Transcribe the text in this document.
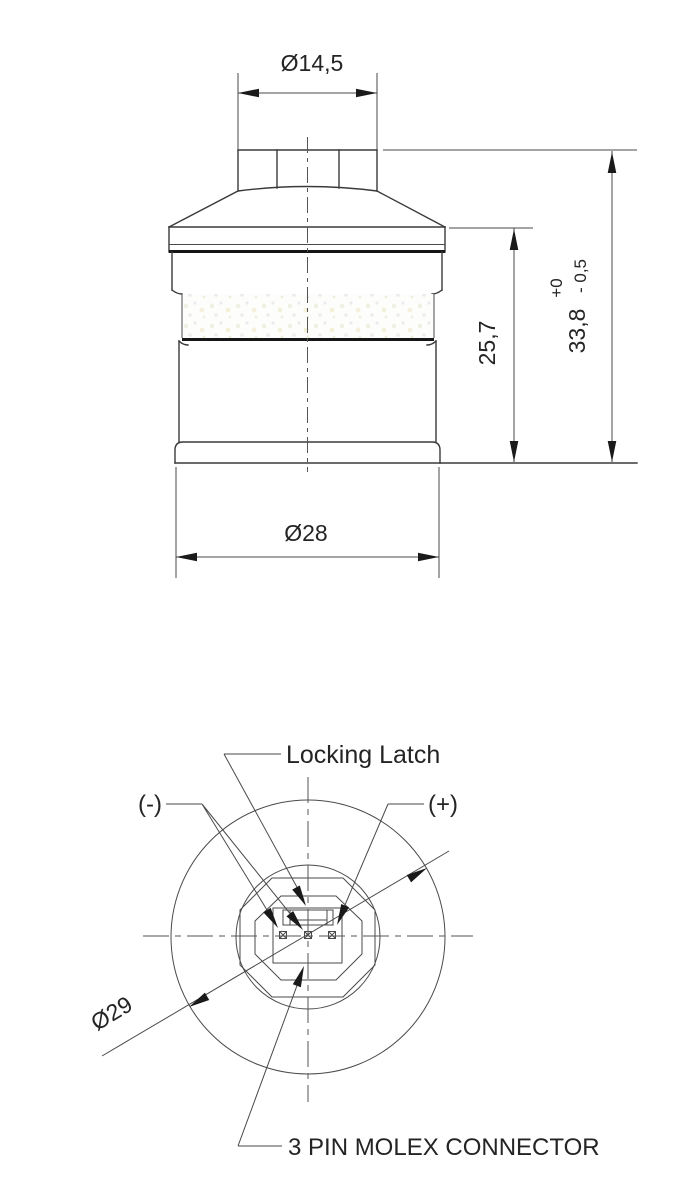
Ø14,5
25,7	33,8
+0 - 0,5
Ø28
Ø29
Locking Latch
(-)	(+)
3 PIN MOLEX CONNECTOR
